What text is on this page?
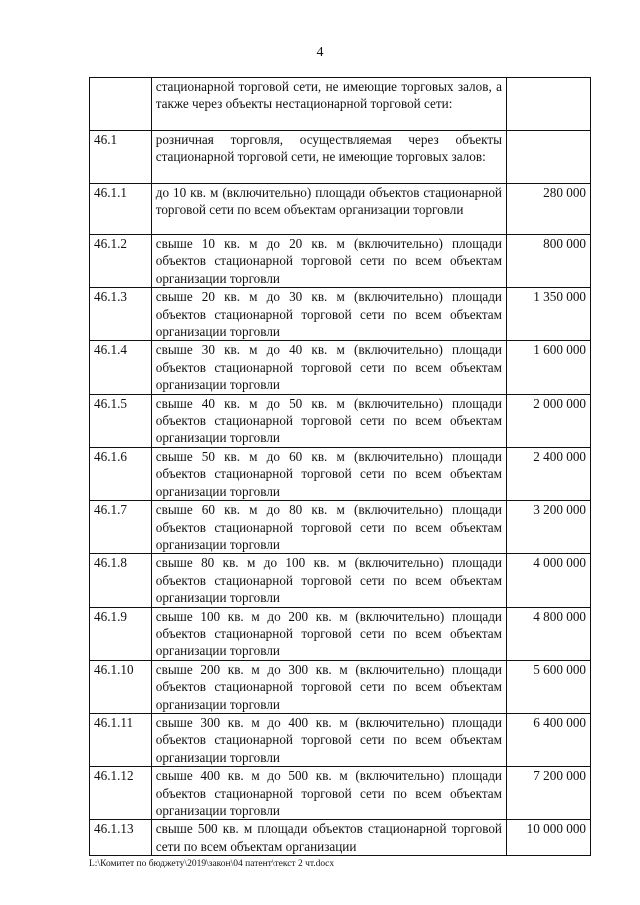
4
	стационарной торговой сети, не имеющие торговых залов, а также через объекты нестационарной торговой сети:	
46.1	розничная торговля, осуществляемая через объекты стационарной торговой сети, не имеющие торговых залов:	
46.1.1	до 10 кв. м (включительно) площади объектов стационарной торговой сети по всем объектам организации торговли	280 000
46.1.2	свыше 10 кв. м до 20 кв. м (включительно) площади объектов стационарной торговой сети по всем объектам организации торговли	800 000
46.1.3	свыше 20 кв. м до 30 кв. м (включительно) площади объектов стационарной торговой сети по всем объектам организации торговли	1 350 000
46.1.4	свыше 30 кв. м до 40 кв. м (включительно) площади объектов стационарной торговой сети по всем объектам организации торговли	1 600 000
46.1.5	свыше 40 кв. м до 50 кв. м (включительно) площади объектов стационарной торговой сети по всем объектам организации торговли	2 000 000
46.1.6	свыше 50 кв. м до 60 кв. м (включительно) площади объектов стационарной торговой сети по всем объектам организации торговли	2 400 000
46.1.7	свыше 60 кв. м до 80 кв. м (включительно) площади объектов стационарной торговой сети по всем объектам организации торговли	3 200 000
46.1.8	свыше 80 кв. м до 100 кв. м (включительно) площади объектов стационарной торговой сети по всем объектам организации торговли	4 000 000
46.1.9	свыше 100 кв. м до 200 кв. м (включительно) площади объектов стационарной торговой сети по всем объектам организации торговли	4 800 000
46.1.10	свыше 200 кв. м до 300 кв. м (включительно) площади объектов стационарной торговой сети по всем объектам организации торговли	5 600 000
46.1.11	свыше 300 кв. м до 400 кв. м (включительно) площади объектов стационарной торговой сети по всем объектам организации торговли	6 400 000
46.1.12	свыше 400 кв. м до 500 кв. м (включительно) площади объектов стационарной торговой сети по всем объектам организации торговли	7 200 000
46.1.13	свыше 500 кв. м площади объектов стационарной торговой сети по всем объектам организации	10 000 000
L:\Комитет по бюджету\2019\закон\04 патент\текст 2 чт.docx
